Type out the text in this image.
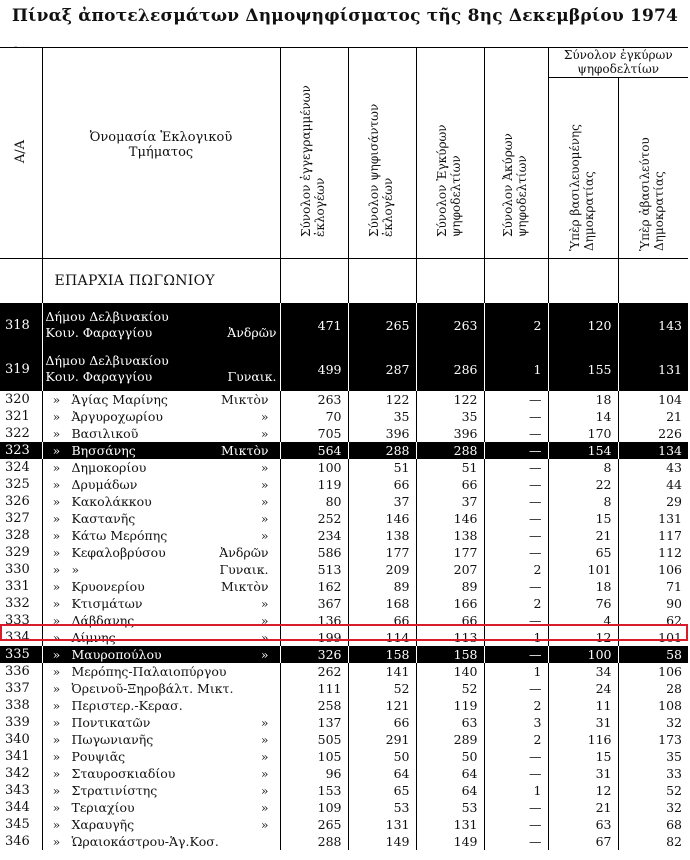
Πίναξ ἀποτελεσμάτων Δημοψηφίσματος τῆς 8ης Δεκεμβρίου 1974
- —
Α/Α	Ὀνομασία Ἐκλογικοῦ Τμήματος	Σύνολον ἐγγεγραμμένων ἐκλογέων	Σύνολον ψηφισάντων ἐκλογέων	Σύνολον Ἐγκύρων ψηφοδελτίων	Σύνολον Ἀκύρων ψηφοδελτίων	Σύνολον ἐγκύρων ψηφοδελτίων	
						Ὑπὲρ βασιλευομένης Δημοκρατίας	Ὑπὲρ ἀβασιλεύτου Δημοκρατίας
	ΕΠΑΡΧΙΑ ΠΩΓΩΝΙΟΥ						
318	Δήμου Δελβινακίου
Κοιν. Φαραγγίου Ἀνδρῶν	471	265	263	2	120	143
319	Δήμου Δελβινακίου
Κοιν. Φαραγγίου Γυναικ.	499	287	286	1	155	131
320	» Ἁγίας Μαρίνης Μικτὸν	263	122	122	—	18	104
321	» Ἀργυροχωρίου »	70	35	35	—	14	21
322	» Βασιλικοῦ »	705	396	396	—	170	226
323	» Βησσάνης Μικτὸν	564	288	288	—	154	134
324	» Δημοκορίου »	100	51	51	—	8	43
325	» Δρυμάδων »	119	66	66	—	22	44
326	» Κακολάκκου »	80	37	37	—	8	29
327	» Καστανῆς »	252	146	146	—	15	131
328	» Κάτω Μερόπης »	234	138	138	—	21	117
329	» Κεφαλοβρύσου Ἀνδρῶν	586	177	177	—	65	112
330	» » Γυναικ.	513	209	207	2	101	106
331	» Κρυονερίου Μικτὸν	162	89	89	—	18	71
332	» Κτισμάτων »	367	168	166	2	76	90
333	» Λάβδανης »	136	66	66	—	4	62
334	» Λίμνης »	199	114	113	1	12	101
335	» Μαυροπούλου »	326	158	158	—	100	58
336	» Μερόπης-Παλαιοπύργου	262	141	140	1	34	106
337	» Ὀρεινοῦ-Ξηροβάλτ. Μικτ.	111	52	52	—	24	28
338	» Περιστερ.-Κερασ.	258	121	119	2	11	108
339	» Ποντικατῶν »	137	66	63	3	31	32
340	» Πωγωνιανῆς »	505	291	289	2	116	173
341	» Ρουψιᾶς »	105	50	50	—	15	35
342	» Σταυροσκιαδίου »	96	64	64	—	31	33
343	» Στρατινίστης »	153	65	64	1	12	52
344	» Τεριαχίου »	109	53	53	—	21	32
345	» Χαραυγῆς »	265	131	131	—	63	68
346	» Ὡραιοκάστρου-Ἁγ.Κοσ.	288	149	149	—	67	82
